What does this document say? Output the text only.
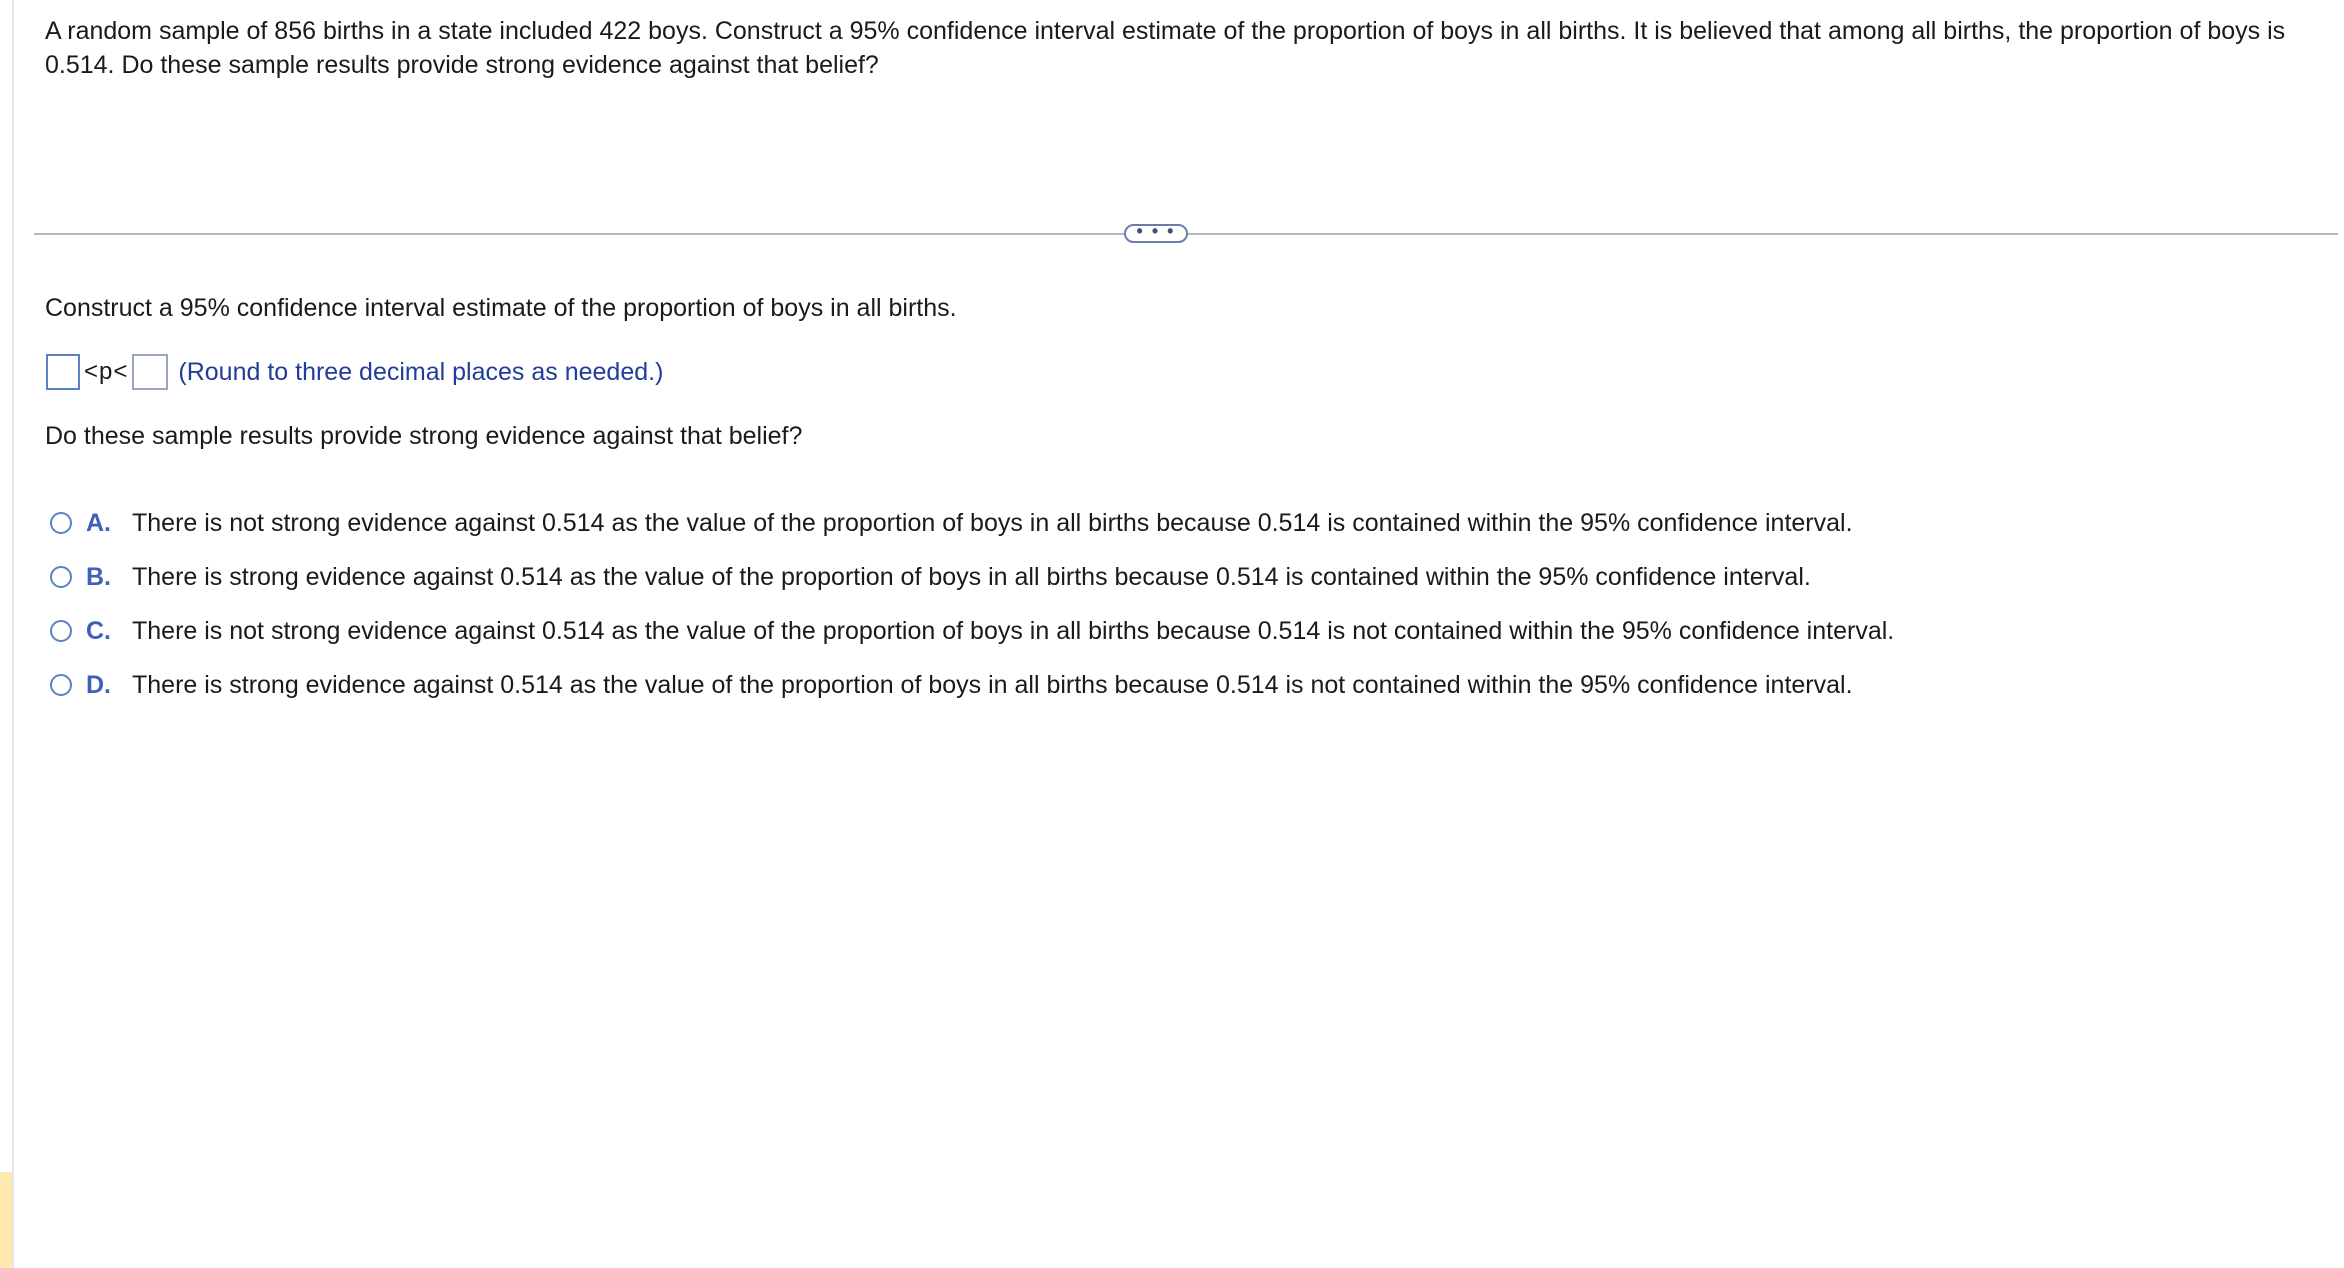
A random sample of 856 births in a state included 422 boys. Construct a 95% confidence interval estimate of the proportion of boys in all births. It is believed that among all births, the proportion of boys is 0.514. Do these sample results provide strong evidence against that belief?
• • •
Construct a 95% confidence interval estimate of the proportion of boys in all births.
<p< (Round to three decimal places as needed.)
Do these sample results provide strong evidence against that belief?
A. There is not strong evidence against 0.514 as the value of the proportion of boys in all births because 0.514 is contained within the 95% confidence interval.
B. There is strong evidence against 0.514 as the value of the proportion of boys in all births because 0.514 is contained within the 95% confidence interval.
C. There is not strong evidence against 0.514 as the value of the proportion of boys in all births because 0.514 is not contained within the 95% confidence interval.
D. There is strong evidence against 0.514 as the value of the proportion of boys in all births because 0.514 is not contained within the 95% confidence interval.
